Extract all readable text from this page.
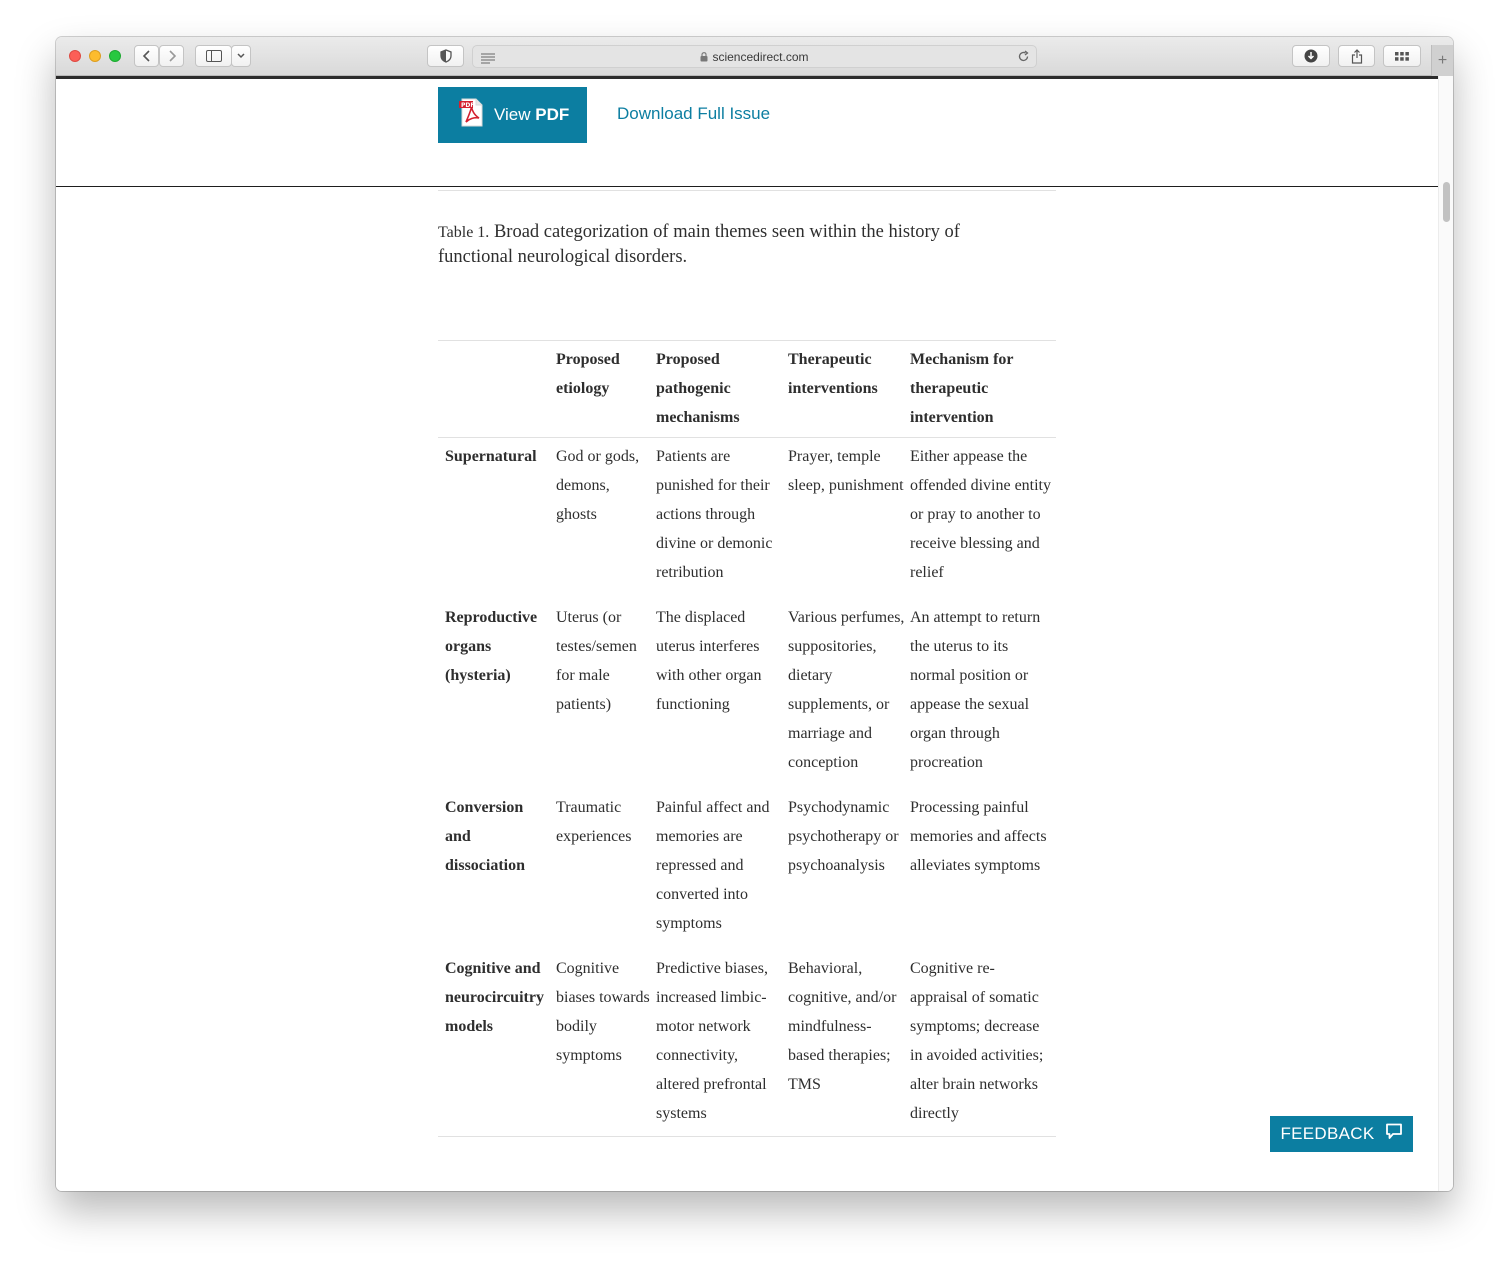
sciencedirect.com	+
PDF View PDF	Download Full Issue

Table 1. Broad categorization of main themes seen within the history of functional neurological disorders.

	Proposed etiology	Proposed pathogenic mechanisms	Therapeutic interventions	Mechanism for therapeutic intervention
Supernatural	God or gods, demons, ghosts	Patients are punished for their actions through divine or demonic retribution	Prayer, temple sleep, punishment	Either appease the offended divine entity or pray to another to receive blessing and relief
Reproductive organs (hysteria)	Uterus (or testes/semen for male patients)	The displaced uterus interferes with other organ functioning	Various perfumes, suppositories, dietary supplements, or marriage and conception	An attempt to return the uterus to its normal position or appease the sexual organ through procreation
Conversion and dissociation	Traumatic experiences	Painful affect and memories are repressed and converted into symptoms	Psychodynamic psychotherapy or psychoanalysis	Processing painful memories and affects alleviates symptoms
Cognitive and neurocircuitry models	Cognitive biases towards bodily symptoms	Predictive biases, increased limbic-motor network connectivity, altered prefrontal systems	Behavioral, cognitive, and/or mindfulness-based therapies; TMS	Cognitive re-appraisal of somatic symptoms; decrease in avoided activities; alter brain networks directly
FEEDBACK
